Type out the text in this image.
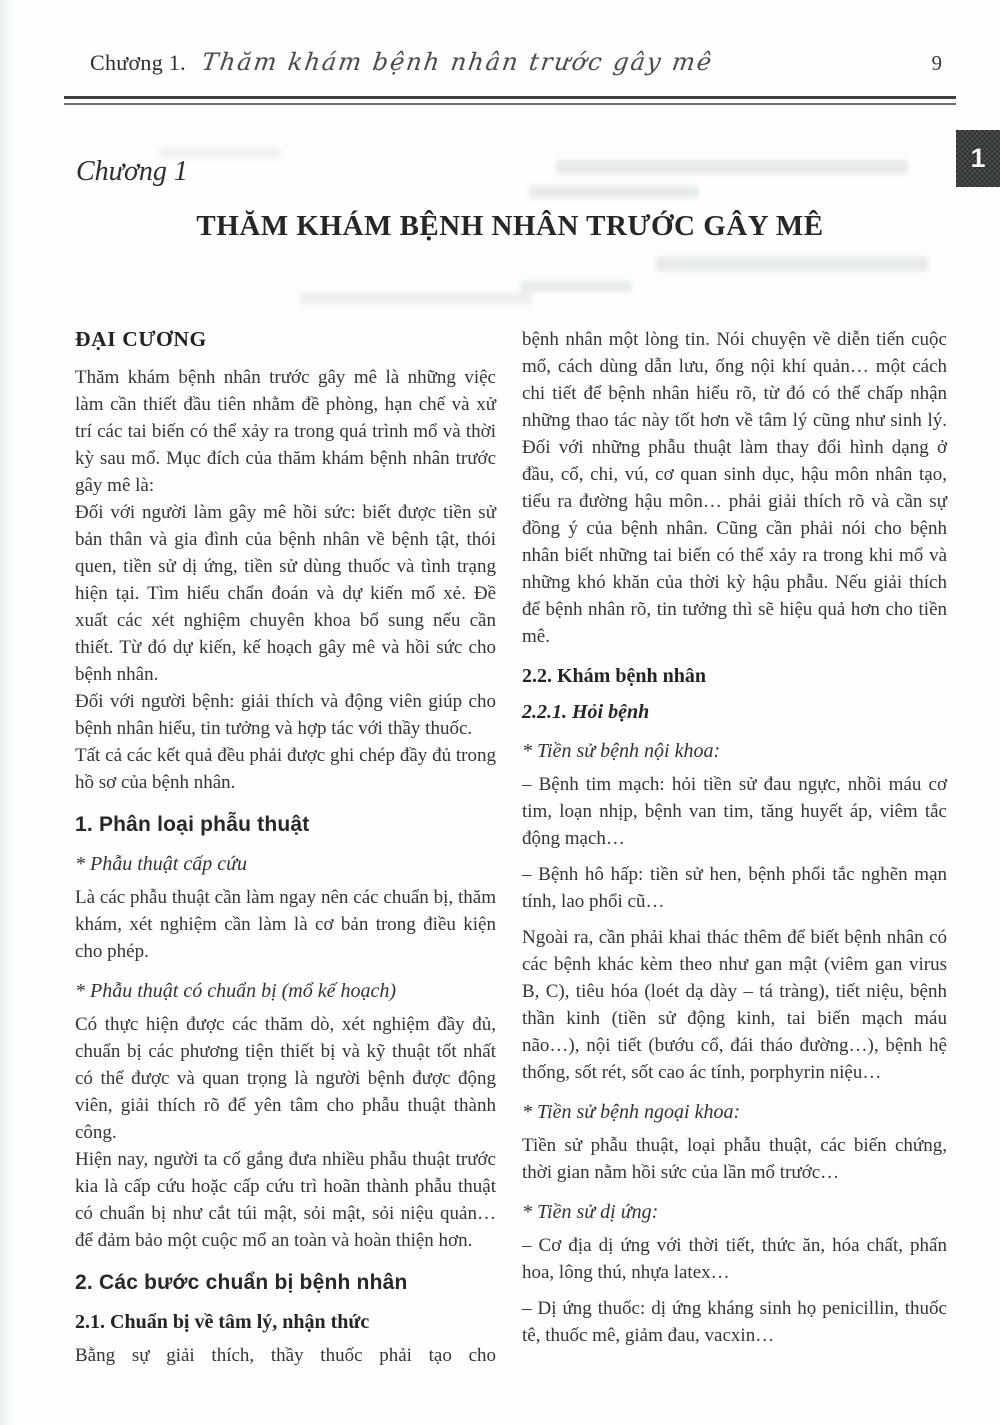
Chương 1. Thăm khám bệnh nhân trước gây mê	9
1
Chương 1
THĂM KHÁM BỆNH NHÂN TRƯỚC GÂY MÊ
ĐẠI CƯƠNG

Thăm khám bệnh nhân trước gây mê là những việc làm cần thiết đầu tiên nhằm đề phòng, hạn chế và xử trí các tai biến có thể xảy ra trong quá trình mổ và thời kỳ sau mổ. Mục đích của thăm khám bệnh nhân trước gây mê là:

Đối với người làm gây mê hồi sức: biết được tiền sử bản thân và gia đình của bệnh nhân về bệnh tật, thói quen, tiền sử dị ứng, tiền sử dùng thuốc và tình trạng hiện tại. Tìm hiểu chẩn đoán và dự kiến mổ xẻ. Đề xuất các xét nghiệm chuyên khoa bổ sung nếu cần thiết. Từ đó dự kiến, kế hoạch gây mê và hồi sức cho bệnh nhân.

Đối với người bệnh: giải thích và động viên giúp cho bệnh nhân hiểu, tin tưởng và hợp tác với thầy thuốc.

Tất cả các kết quả đều phải được ghi chép đầy đủ trong hồ sơ của bệnh nhân.

1. Phân loại phẫu thuật
* Phẫu thuật cấp cứu

Là các phẫu thuật cần làm ngay nên các chuẩn bị, thăm khám, xét nghiệm cần làm là cơ bản trong điều kiện cho phép.

* Phẫu thuật có chuẩn bị (mổ kế hoạch)

Có thực hiện được các thăm dò, xét nghiệm đầy đủ, chuẩn bị các phương tiện thiết bị và kỹ thuật tốt nhất có thể được và quan trọng là người bệnh được động viên, giải thích rõ để yên tâm cho phẫu thuật thành công.

Hiện nay, người ta cố gắng đưa nhiều phẫu thuật trước kia là cấp cứu hoặc cấp cứu trì hoãn thành phẫu thuật có chuẩn bị như cắt túi mật, sỏi mật, sỏi niệu quản… để đảm bảo một cuộc mổ an toàn và hoàn thiện hơn.

2. Các bước chuẩn bị bệnh nhân
2.1. Chuẩn bị về tâm lý, nhận thức

Bằng sự giải thích, thầy thuốc phải tạo cho

bệnh nhân một lòng tin. Nói chuyện về diễn tiến cuộc mổ, cách dùng dẫn lưu, ống nội khí quản… một cách chi tiết để bệnh nhân hiểu rõ, từ đó có thể chấp nhận những thao tác này tốt hơn về tâm lý cũng như sinh lý. Đối với những phẫu thuật làm thay đổi hình dạng ở đầu, cổ, chi, vú, cơ quan sinh dục, hậu môn nhân tạo, tiểu ra đường hậu môn… phải giải thích rõ và cần sự đồng ý của bệnh nhân. Cũng cần phải nói cho bệnh nhân biết những tai biến có thể xảy ra trong khi mổ và những khó khăn của thời kỳ hậu phẫu. Nếu giải thích để bệnh nhân rõ, tin tưởng thì sẽ hiệu quả hơn cho tiền mê.

2.2. Khám bệnh nhân
2.2.1. Hỏi bệnh
* Tiền sử bệnh nội khoa:

– Bệnh tim mạch: hỏi tiền sử đau ngực, nhồi máu cơ tim, loạn nhịp, bệnh van tim, tăng huyết áp, viêm tắc động mạch…

– Bệnh hô hấp: tiền sử hen, bệnh phổi tắc nghẽn mạn tính, lao phổi cũ…

Ngoài ra, cần phải khai thác thêm để biết bệnh nhân có các bệnh khác kèm theo như gan mật (viêm gan virus B, C), tiêu hóa (loét dạ dày – tá tràng), tiết niệu, bệnh thần kinh (tiền sử động kinh, tai biến mạch máu não…), nội tiết (bướu cổ, đái tháo đường…), bệnh hệ thống, sốt rét, sốt cao ác tính, porphyrin niệu…

* Tiền sử bệnh ngoại khoa:

Tiền sử phẫu thuật, loại phẫu thuật, các biến chứng, thời gian nằm hồi sức của lần mổ trước…

* Tiền sử dị ứng:

– Cơ địa dị ứng với thời tiết, thức ăn, hóa chất, phấn hoa, lông thú, nhựa latex…

– Dị ứng thuốc: dị ứng kháng sinh họ penicillin, thuốc tê, thuốc mê, giảm đau, vacxin…
